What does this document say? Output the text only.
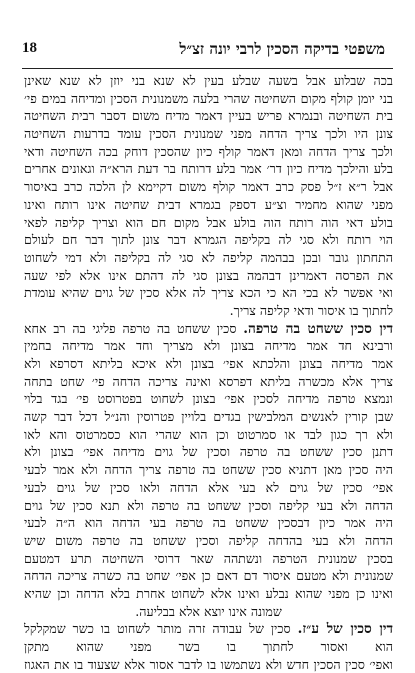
18	משפטי בדיקה הסכין לרבי יונה זצ״ל
בכה שבלוע אבל בשעה שבלע בעין לא שנא בני יוזן לא שנא שאינן
בני יומן קולף מקום השחיטה שהרי בלעה משמנונית הסכין ומדיחה במים פי׳
בית השחיטה ובנמרא פריש בעיין דאמר מדיח משום דסבר רבית השחיטה
צונן היו ולכך צריך הדחה מפני שמנונית הסכין עומד בדרעות השחיטה
ולכך צריך הדחה ומאן דאמר קולף כיון שהסכין דוחק בכה השחיטה ודאי
בלע והילכך מדיח כיון דר׳ אמר בלע דרותח בר דעת הרא״ה וגאונים אחרים
אבל ר״א ז״ל פסק כרב דאמר קולף משום דקיימא לן הלכה כרב באיסור
מפני שהוא מחמיר וצ״ע דספק בגמרא דבית שחיטה אינו רותח ואינו
בולע דאי הוה רותח הוה בולע אבל מקום חם הוא וצריך קליפה לפאי
הוי רותח ולא סגי לה בקליפה הגמרא דבר צונן לתוך דבר חם לעולם
התחתון גובר ובכן בבהמה קליפה לא סגי לה בקליפה ולא דמי לשחוט
את הפרסה דאמרינן דבהמה בצונן סגי לה דהתם אינו אלא לפי שעה
ואי אפשר לא בכי הא כי הכא צריך לה אלא סכין של גוים שהיא עומדת
לחתוך בו איסור ודאי קליפה צריך.
דין סכין ששחט בה טרפה. סכין ששחט בה טרפה פליגי בה רב אחא
ורבינא חד אמר מדיחה בצונן ולא מצריך וחד אמר מדיחה בחמין
אמר מדיחה בצונן והלכתא אפי׳ בצונן ולא איכא בליתא דסרפא ולא
צריך אלא מכשרה בליתא דפרסא ואינה צריכה הדחה פי׳ שחט בתחה
ונמצא טרפה מדיחה לסכין אפי׳ בצונן לשחוט בפטרוסט פי׳ בגד בלוי
שבן קורין לאנשים המלבישין בגדים בלויין פטרוסין והנ״ל דכל דבר קשה
ולא רך כגון לבד או סמרטוט וכן הוא שהרי הוא כסמרטוס והא לאו
דתנן סכין ששחט בה טרפה וסכין של גוים מדיחה אפי׳ בצונן ולא
היה סכין מאן דתניא סכין ששחט בה טרפה צריך הדחה ולא אמר לבעי
אפי׳ סכין של גוים לא בעי אלא הדחה ולאו סכין של גוים לבעי
הדחה ולא בעי קליפה וסכין ששחט בה טרפה ולא תנא סכין של גוים
היה אמר כיון דבסכין ששחט בה טרפה בעי הדחה הוא ה״ה לבעי
הדחה ולא בעי בהדחה קליפה וסכין ששחט בה טרפה משום שיש
בסכין שמנונית הטרפה ונשתהה שאר דרוסי השחיטה תרע דמטעם
שמנונית ולא מטעם איסור דם דאם כן אפי׳ שחט בה כשרה צריכה הדחה
ואינו כן מפני שהוא נבלע ואינו אלא לשחוט אחרת בלא הדחה וכן שהיא
שמונה אינו יוצא אלא בבליעה.
דין סכין של ע״ז. סכין של עבודה זרה מותר לשחוט בו כשר שמקלקל
הוא ואסור לחתוך בו בשר מפני שהוא מתקן
ואפי׳ סכין הסכין חדש ולא נשתמשו בו לדבר אסור אלא שצעוד בו את האגוז
